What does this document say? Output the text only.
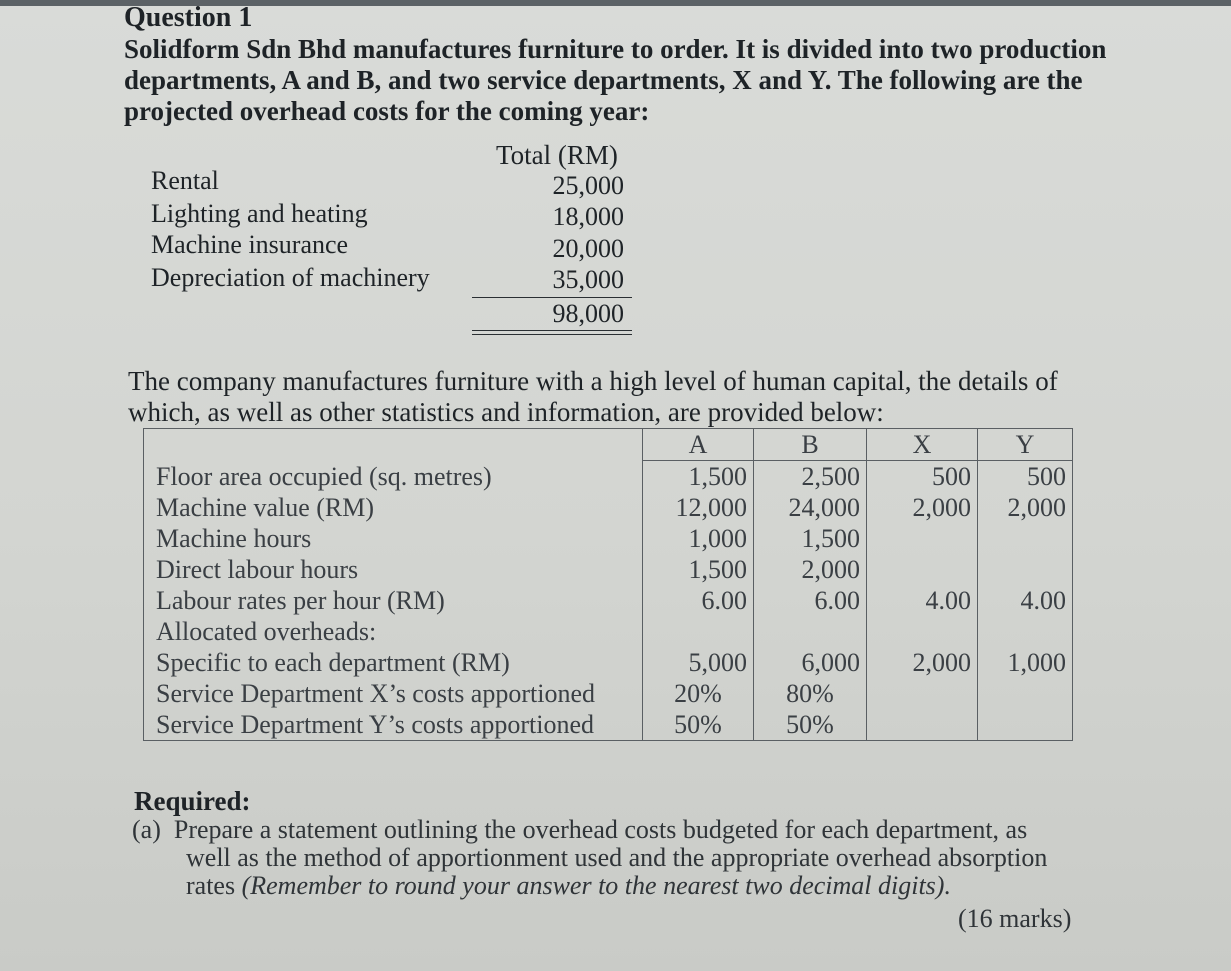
Question 1
Solidform Sdn Bhd manufactures furniture to order. It is divided into two production
departments, A and B, and two service departments, X and Y. The following are the
projected overhead costs for the coming year:
Total (RM)
Rental	25,000
Lighting and heating	18,000
Machine insurance	20,000
Depreciation of machinery	35,000
98,000
The company manufactures furniture with a high level of human capital, the details of
which, as well as other statistics and information, are provided below:
	A	B	X	Y
Floor area occupied (sq. metres)	1,500	2,500	500	500
Machine value (RM)	12,000	24,000	2,000	2,000
Machine hours	1,000	1,500		
Direct labour hours	1,500	2,000		
Labour rates per hour (RM)	6.00	6.00	4.00	4.00
Allocated overheads:				
Specific to each department (RM)	5,000	6,000	2,000	1,000
Service Department X’s costs apportioned	20%	80%		
Service Department Y’s costs apportioned	50%	50%		
Required:
(a) Prepare a statement outlining the overhead costs budgeted for each department, as
well as the method of apportionment used and the appropriate overhead absorption
rates (Remember to round your answer to the nearest two decimal digits).
(16 marks)
